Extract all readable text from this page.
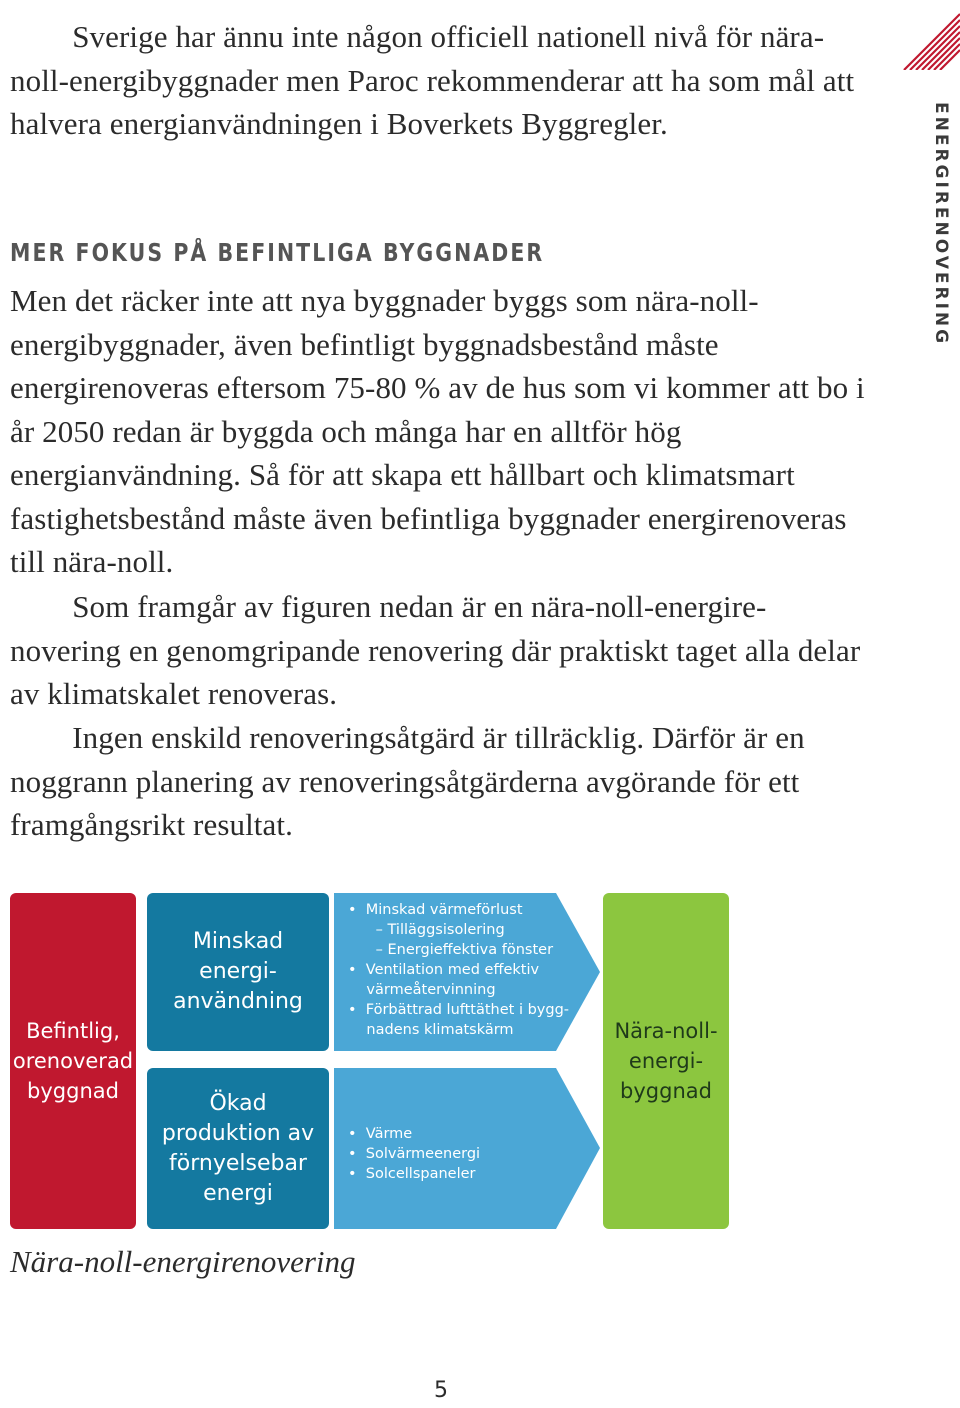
ENERGIRENOVERING

  Sverige har ännu inte någon officiell nationell nivå för nära-noll-energibyggnader men Paroc rekommenderar att ha som mål att halvera energianvändningen i Boverkets Byggregler.

MER FOKUS PÅ BEFINTLIGA BYGGNADER

Men det räcker inte att nya byggnader byggs som nära-noll-energibyggnader, även befintligt byggnadsbestånd måste energirenoveras eftersom 75-80 % av de hus som vi kommer att bo i år 2050 redan är byggda och många har en alltför hög energianvändning. Så för att skapa ett hållbart och klimatsmart fastighetsbestånd måste även befintliga byggnader energirenoveras till nära-noll.

  Som framgår av figuren nedan är en nära-noll-energire-novering en genomgripande renovering där praktiskt taget alla delar av klimatskalet renoveras.

  Ingen enskild renoveringsåtgärd är tillräcklig. Därför är en noggrann planering av renoveringsåtgärderna avgörande för ett framgångsrikt resultat.

Befintlig,
orenoverad
byggnad
Minskad
energi-
användning
Ökad
produktion av
förnyelsebar
energi
•  Minskad värmeförlust
– Tilläggsisolering
– Energieffektiva fönster
•  Ventilation med effektiv
värmeåtervinning
•  Förbättrad lufttäthet i bygg-
nadens klimatskärm
•  Värme
•  Solvärmeenergi
•  Solcellspaneler
Nära-noll-
energi-
byggnad

Nära-noll-energirenovering

5
